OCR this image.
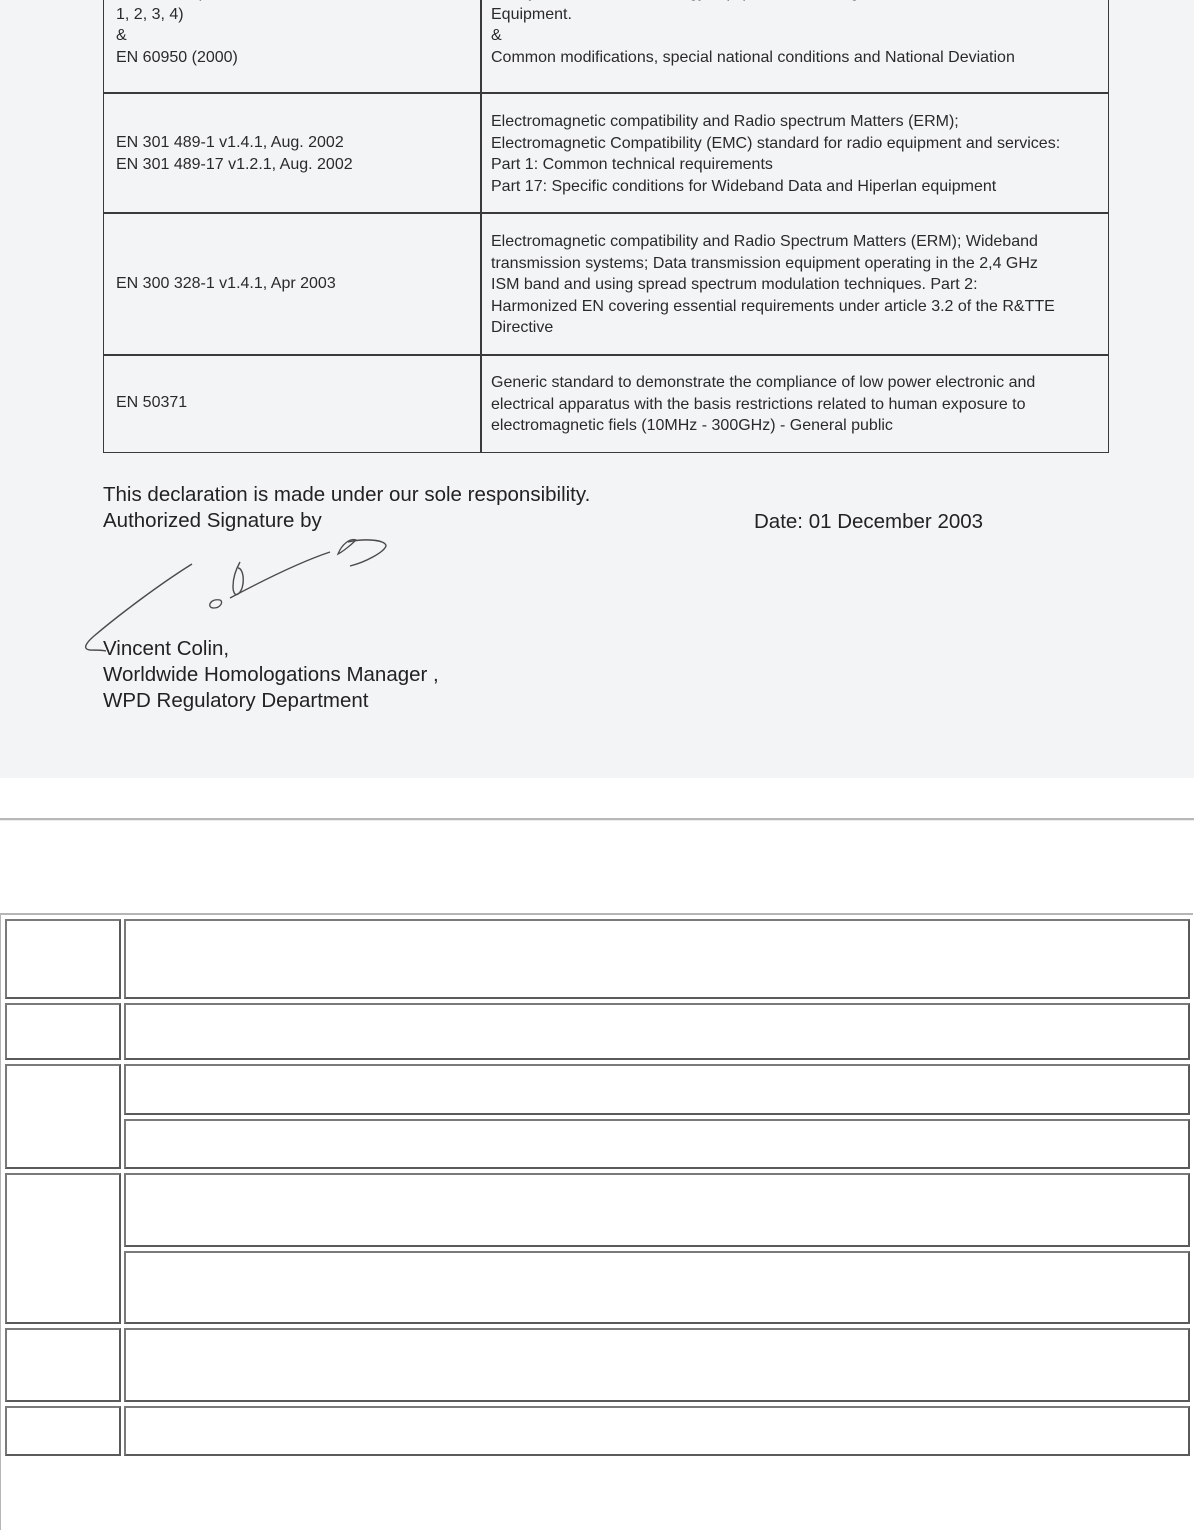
1, 2, 3, 4)
&
EN 60950 (2000)
Equipment.
&
Common modifications, special national conditions and National Deviation
EN 301 489-1 v1.4.1, Aug. 2002
EN 301 489-17 v1.2.1, Aug. 2002
Electromagnetic compatibility and Radio spectrum Matters (ERM);
Electromagnetic Compatibility (EMC) standard for radio equipment and services:
Part 1: Common technical requirements
Part 17: Specific conditions for Wideband Data and Hiperlan equipment
EN 300 328-1 v1.4.1, Apr 2003
Electromagnetic compatibility and Radio Spectrum Matters (ERM); Wideband
transmission systems; Data transmission equipment operating in the 2,4 GHz
ISM band and using spread spectrum modulation techniques. Part 2:
Harmonized EN covering essential requirements under article 3.2 of the R&TTE
Directive
EN 50371
Generic standard to demonstrate the compliance of low power electronic and
electrical apparatus with the basis restrictions related to human exposure to
electromagnetic fiels (10MHz - 300GHz) - General public
This declaration is made under our sole responsibility.
Authorized Signature by	Date: 01 December 2003
Vincent Colin,
Worldwide Homologations Manager ,
WPD Regulatory Department
